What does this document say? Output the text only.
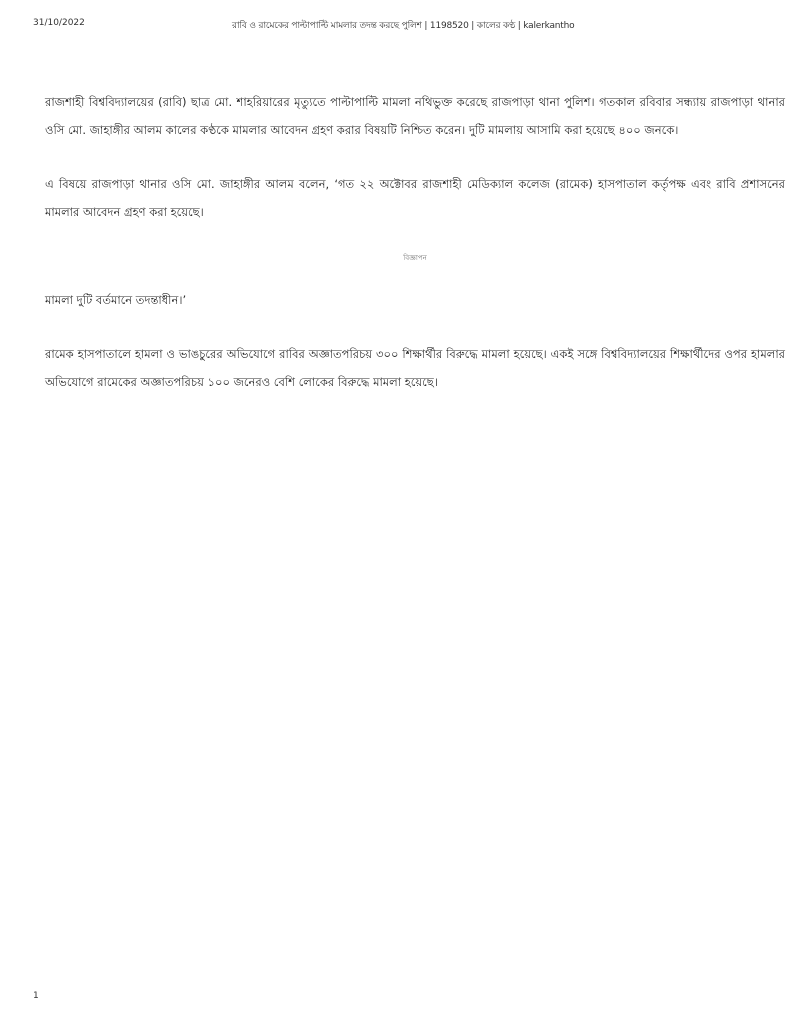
31/10/2022	রাবি ও রামেকের পাল্টাপাল্টি মামলার তদন্ত করছে পুলিশ | 1198520 | কালের কণ্ঠ | kalerkantho

রাজশাহী বিশ্ববিদ্যালয়ের (রাবি) ছাত্র মো. শাহরিয়ারের মৃত্যুতে পাল্টাপাল্টি মামলা নথিভুক্ত করেছে রাজপাড়া থানা পুলিশ। গতকাল রবিবার সন্ধ্যায় রাজপাড়া থানার ওসি মো. জাহাঙ্গীর আলম কালের কণ্ঠকে মামলার আবেদন গ্রহণ করার বিষয়টি নিশ্চিত করেন। দুটি মামলায় আসামি করা হয়েছে ৪০০ জনকে।

এ বিষয়ে রাজপাড়া থানার ওসি মো. জাহাঙ্গীর আলম বলেন, ‘গত ২২ অক্টোবর রাজশাহী মেডিক্যাল কলেজ (রামেক) হাসপাতাল কর্তৃপক্ষ এবং রাবি প্রশাসনের মামলার আবেদন গ্রহণ করা হয়েছে।

বিজ্ঞাপন

মামলা দুটি বর্তমানে তদন্তাধীন।’

রামেক হাসপাতালে হামলা ও ভাঙচুরের অভিযোগে রাবির অজ্ঞাতপরিচয় ৩০০ শিক্ষার্থীর বিরুদ্ধে মামলা হয়েছে। একই সঙ্গে বিশ্ববিদ্যালয়ের শিক্ষার্থীদের ওপর হামলার অভিযোগে রামেকের অজ্ঞাতপরিচয় ১০০ জনেরও বেশি লোকের বিরুদ্ধে মামলা হয়েছে।

1
